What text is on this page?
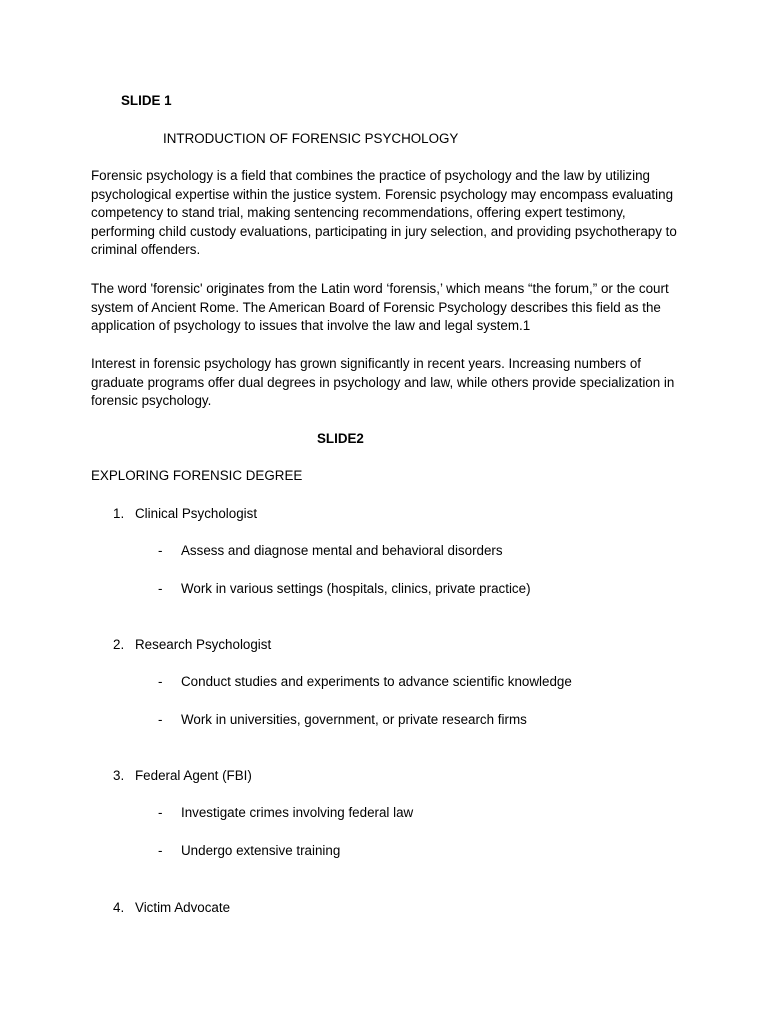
SLIDE 1
INTRODUCTION OF FORENSIC PSYCHOLOGY
Forensic psychology is a field that combines the practice of psychology and the law by utilizing psychological expertise within the justice system. Forensic psychology may encompass evaluating competency to stand trial, making sentencing recommendations, offering expert testimony, performing child custody evaluations, participating in jury selection, and providing psychotherapy to criminal offenders.
The word 'forensic' originates from the Latin word ‘forensis,’ which means “the forum,” or the court system of Ancient Rome. The American Board of Forensic Psychology describes this field as the application of psychology to issues that involve the law and legal system.1
Interest in forensic psychology has grown significantly in recent years. Increasing numbers of graduate programs offer dual degrees in psychology and law, while others provide specialization in forensic psychology.
SLIDE2
EXPLORING FORENSIC DEGREE
1. Clinical Psychologist
- Assess and diagnose mental and behavioral disorders
- Work in various settings (hospitals, clinics, private practice)
2. Research Psychologist
- Conduct studies and experiments to advance scientific knowledge
- Work in universities, government, or private research firms
3. Federal Agent (FBI)
- Investigate crimes involving federal law
- Undergo extensive training
4. Victim Advocate
